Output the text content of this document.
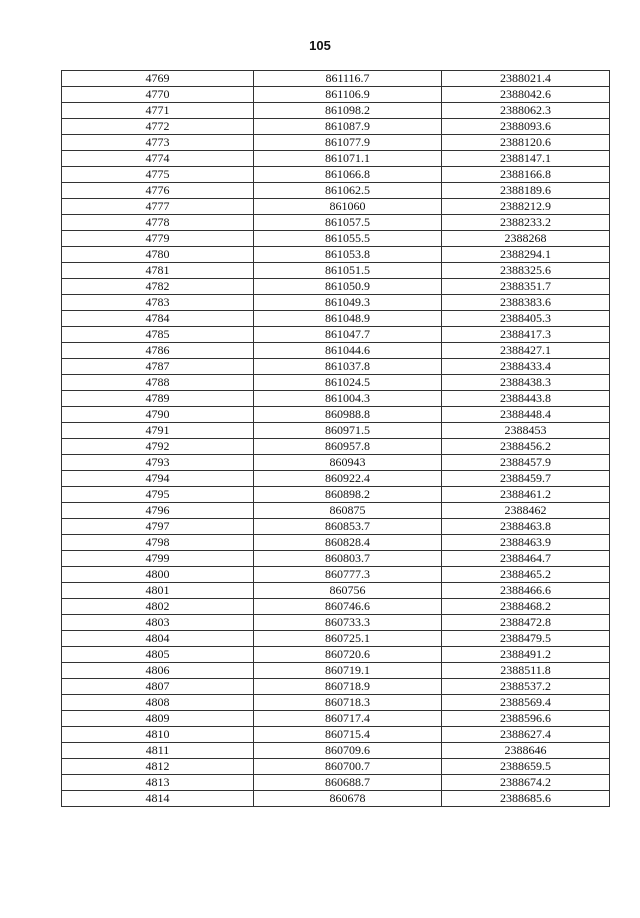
105
4769	861116.7	2388021.4
4770	861106.9	2388042.6
4771	861098.2	2388062.3
4772	861087.9	2388093.6
4773	861077.9	2388120.6
4774	861071.1	2388147.1
4775	861066.8	2388166.8
4776	861062.5	2388189.6
4777	861060	2388212.9
4778	861057.5	2388233.2
4779	861055.5	2388268
4780	861053.8	2388294.1
4781	861051.5	2388325.6
4782	861050.9	2388351.7
4783	861049.3	2388383.6
4784	861048.9	2388405.3
4785	861047.7	2388417.3
4786	861044.6	2388427.1
4787	861037.8	2388433.4
4788	861024.5	2388438.3
4789	861004.3	2388443.8
4790	860988.8	2388448.4
4791	860971.5	2388453
4792	860957.8	2388456.2
4793	860943	2388457.9
4794	860922.4	2388459.7
4795	860898.2	2388461.2
4796	860875	2388462
4797	860853.7	2388463.8
4798	860828.4	2388463.9
4799	860803.7	2388464.7
4800	860777.3	2388465.2
4801	860756	2388466.6
4802	860746.6	2388468.2
4803	860733.3	2388472.8
4804	860725.1	2388479.5
4805	860720.6	2388491.2
4806	860719.1	2388511.8
4807	860718.9	2388537.2
4808	860718.3	2388569.4
4809	860717.4	2388596.6
4810	860715.4	2388627.4
4811	860709.6	2388646
4812	860700.7	2388659.5
4813	860688.7	2388674.2
4814	860678	2388685.6
